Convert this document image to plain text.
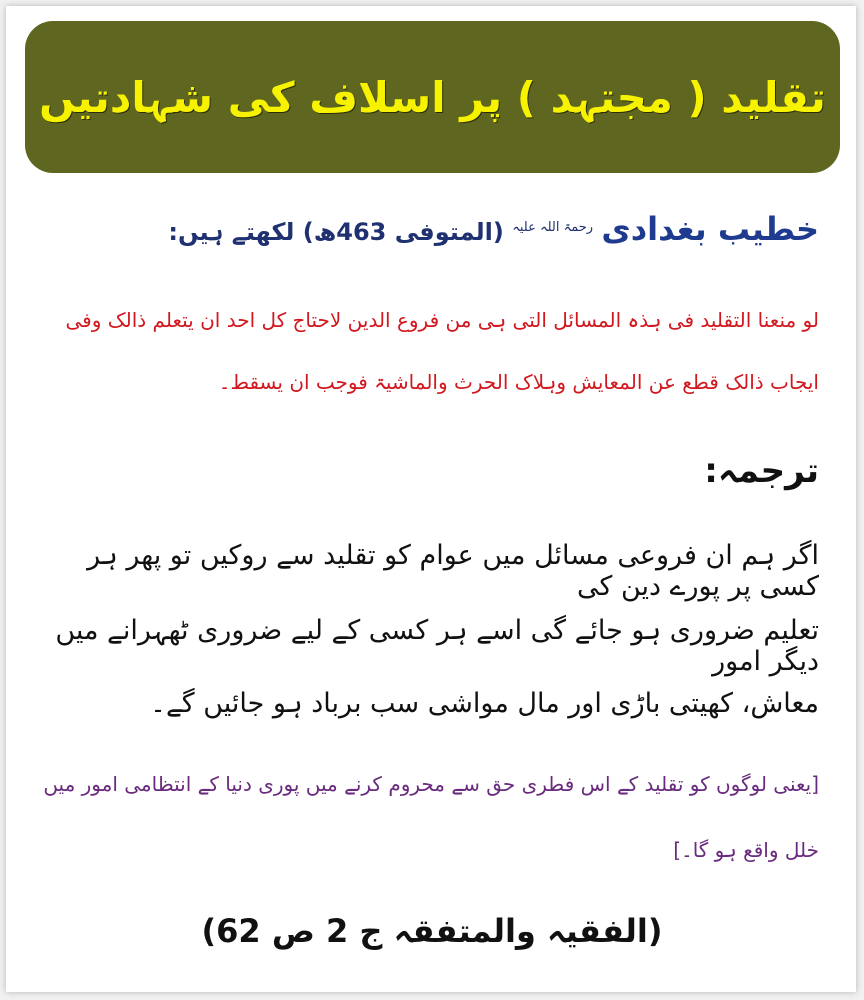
تقلید ( مجتہد ) پر اسلاف کی شہادتیں
خطیب بغدادی $^{رحمۃ اللہ علیہ}$ (المتوفی 463ھ) لکھتے ہیں:
لو منعنا التقلید فی ہذہ المسائل التی ہی من فروع الدین لاحتاج کل احد ان یتعلم ذالک وفی
ایجاب ذالک قطع عن المعایش وہلاک الحرث والماشیۃ فوجب ان یسقط۔
ترجمہ:
اگر ہم ان فروعی مسائل میں عوام کو تقلید سے روکیں تو پھر ہر کسی پر پورے دین کی
تعلیم ضروری ہو جائے گی اسے ہر کسی کے لیے ضروری ٹھہرانے میں دیگر امور
معاش، کھیتی باڑی اور مال مواشی سب برباد ہو جائیں گے۔
[یعنی لوگوں کو تقلید کے اس فطری حق سے محروم کرنے میں پوری دنیا کے انتظامی امور میں
خلل واقع ہو گا۔]
(الفقیہ والمتفقہ ج 2 ص 62)
